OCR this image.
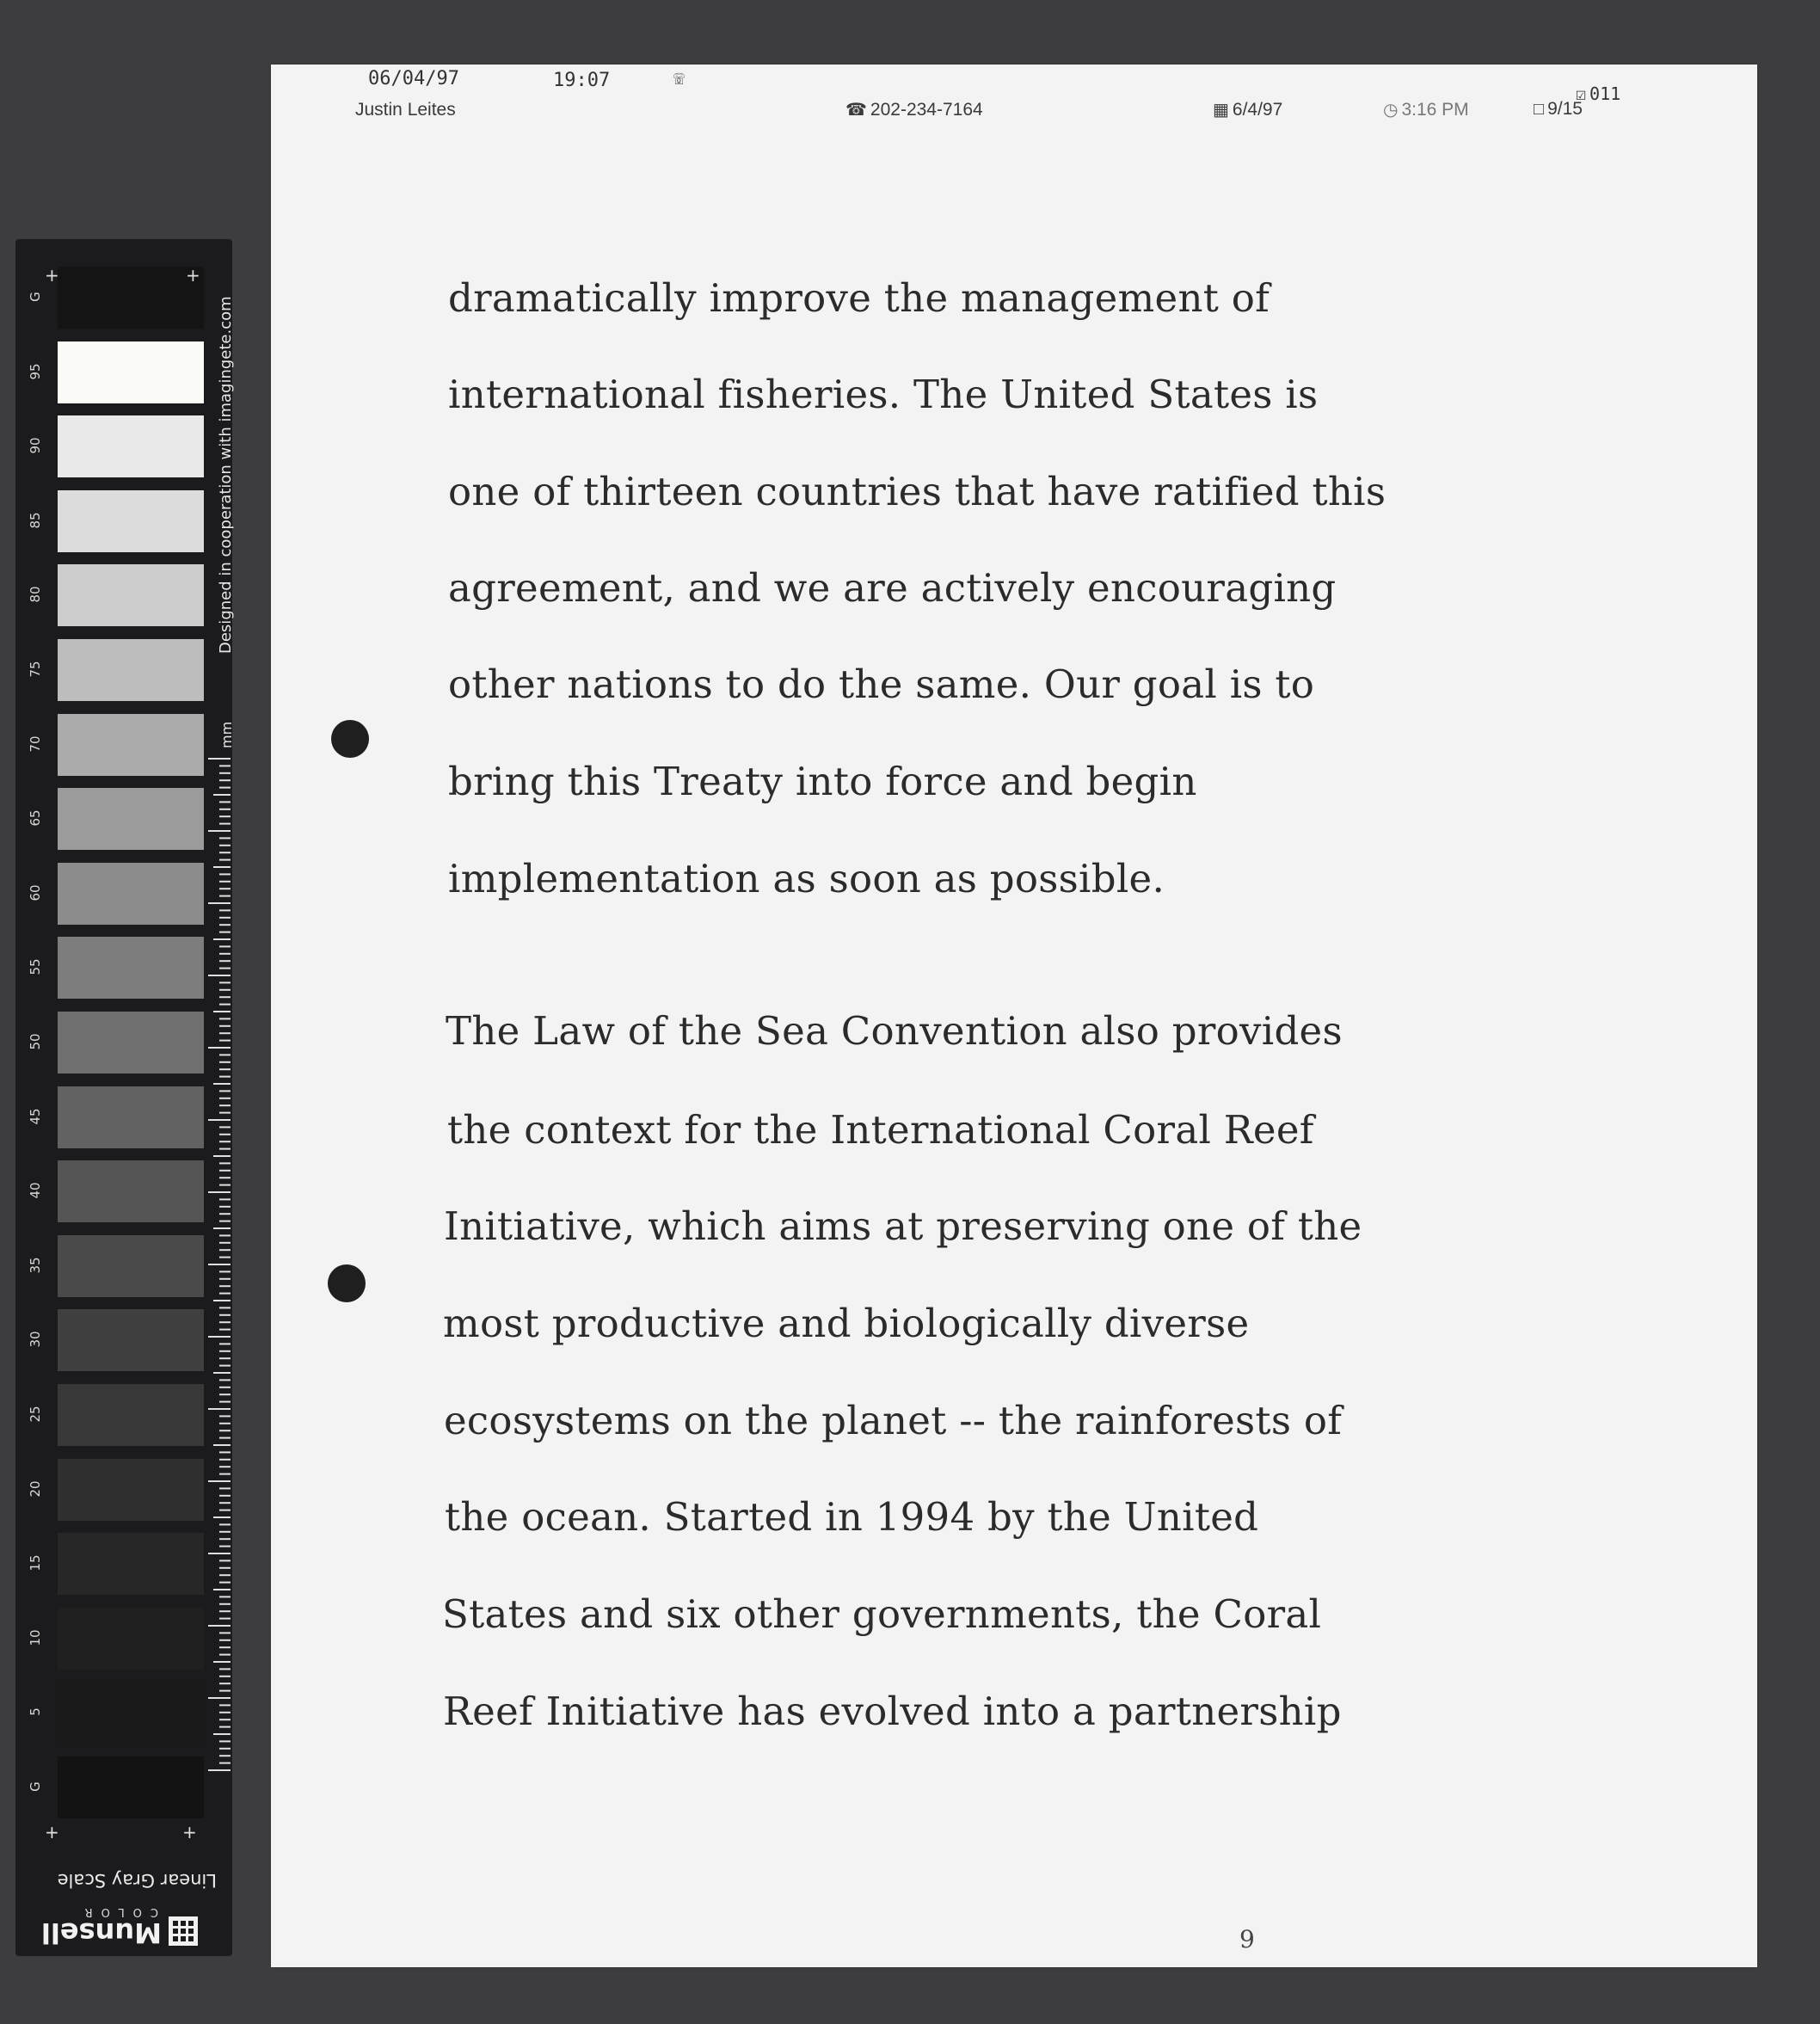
G
95
90
85
80
75
70
65
60
55
50
45
40
35
30
25
20
15
10
5
G
+	+
+	+
Designed in cooperation with imagingete.com
mm
Linear Gray Scale
Munsell
COLOR
06/04/97	19:07	☏
Justin Leites	☎ 202-234-7164	▦ 6/4/97	◷ 3:16 PM	□ 9/15
☑ 011
dramatically improve the management of
international fisheries. The United States is
one of thirteen countries that have ratified this
agreement, and we are actively encouraging
other nations to do the same. Our goal is to
bring this Treaty into force and begin
implementation as soon as possible.
The Law of the Sea Convention also provides
the context for the International Coral Reef
Initiative, which aims at preserving one of the
most productive and biologically diverse
ecosystems on the planet -- the rainforests of
the ocean. Started in 1994 by the United
States and six other governments, the Coral
Reef Initiative has evolved into a partnership
9
